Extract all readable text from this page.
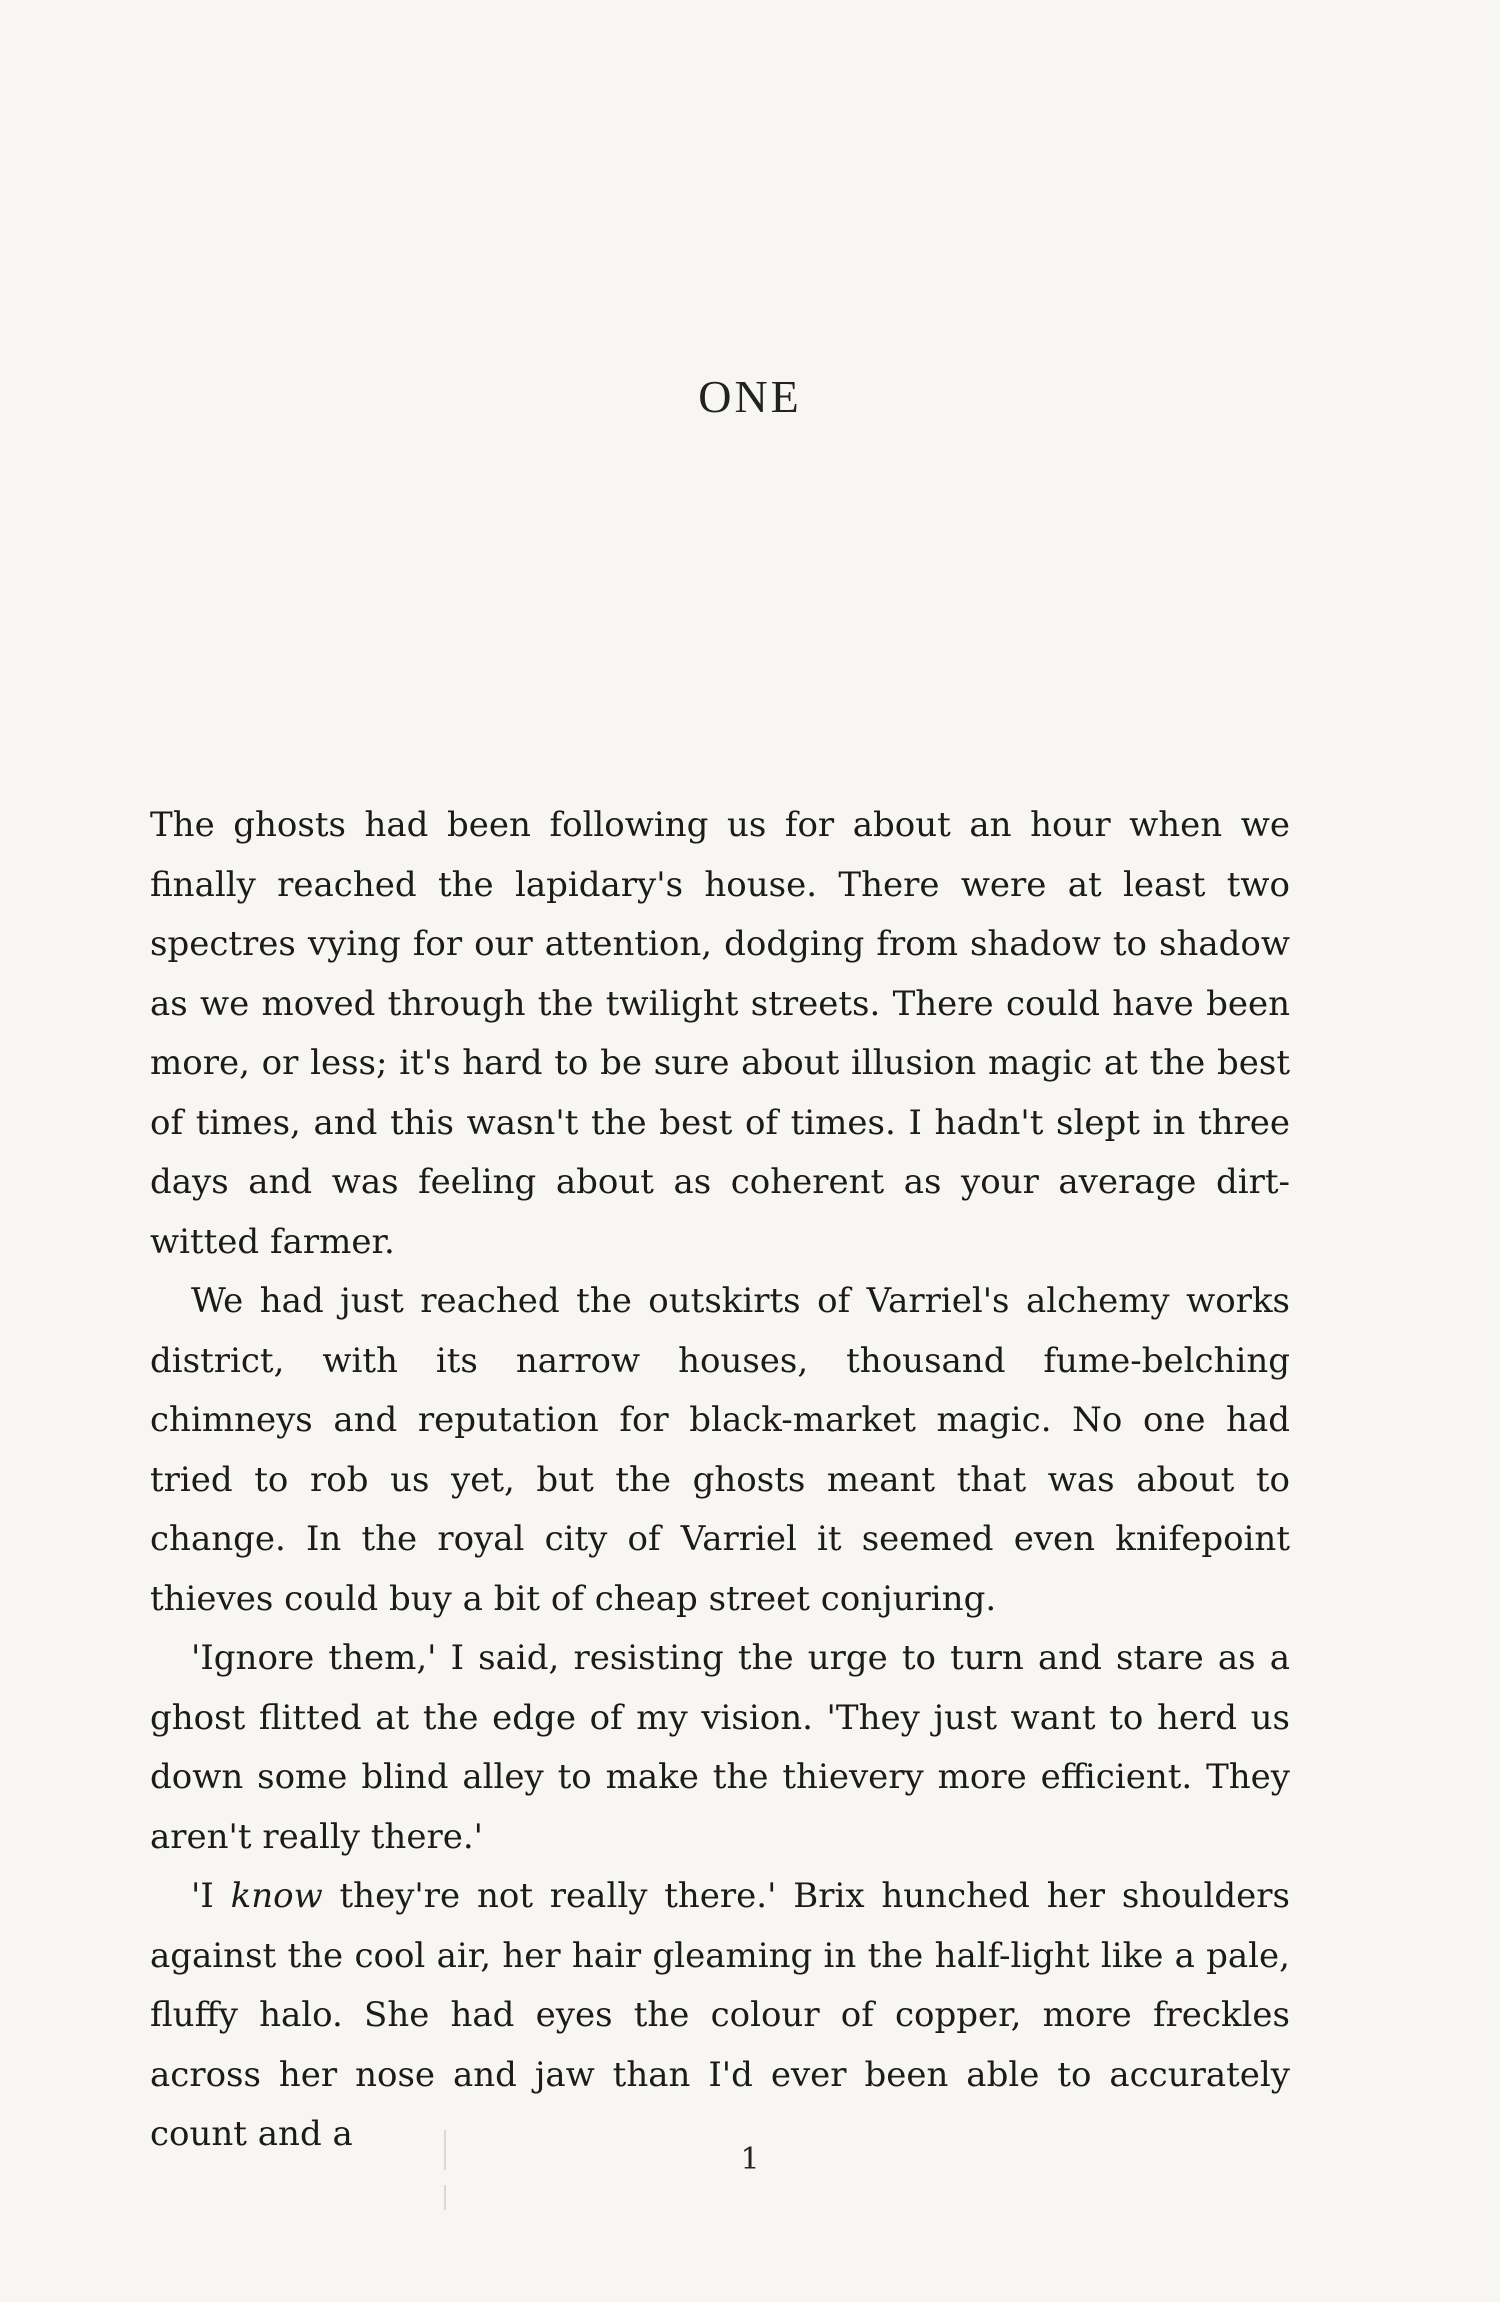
ONE

The ghosts had been following us for about an hour when we finally reached the lapidary's house. There were at least two spectres vying for our attention, dodging from shadow to shadow as we moved through the twilight streets. There could have been more, or less; it's hard to be sure about illusion magic at the best of times, and this wasn't the best of times. I hadn't slept in three days and was feeling about as coherent as your average dirt-witted farmer.

We had just reached the outskirts of Varriel's alchemy works district, with its narrow houses, thousand fume-belching chimneys and reputation for black-market magic. No one had tried to rob us yet, but the ghosts meant that was about to change. In the royal city of Varriel it seemed even knifepoint thieves could buy a bit of cheap street conjuring.

'Ignore them,' I said, resisting the urge to turn and stare as a ghost flitted at the edge of my vision. 'They just want to herd us down some blind alley to make the thievery more efficient. They aren't really there.'

'I know they're not really there.' Brix hunched her shoulders against the cool air, her hair gleaming in the half-light like a pale, fluffy halo. She had eyes the colour of copper, more freckles across her nose and jaw than I'd ever been able to accurately count and a

1
